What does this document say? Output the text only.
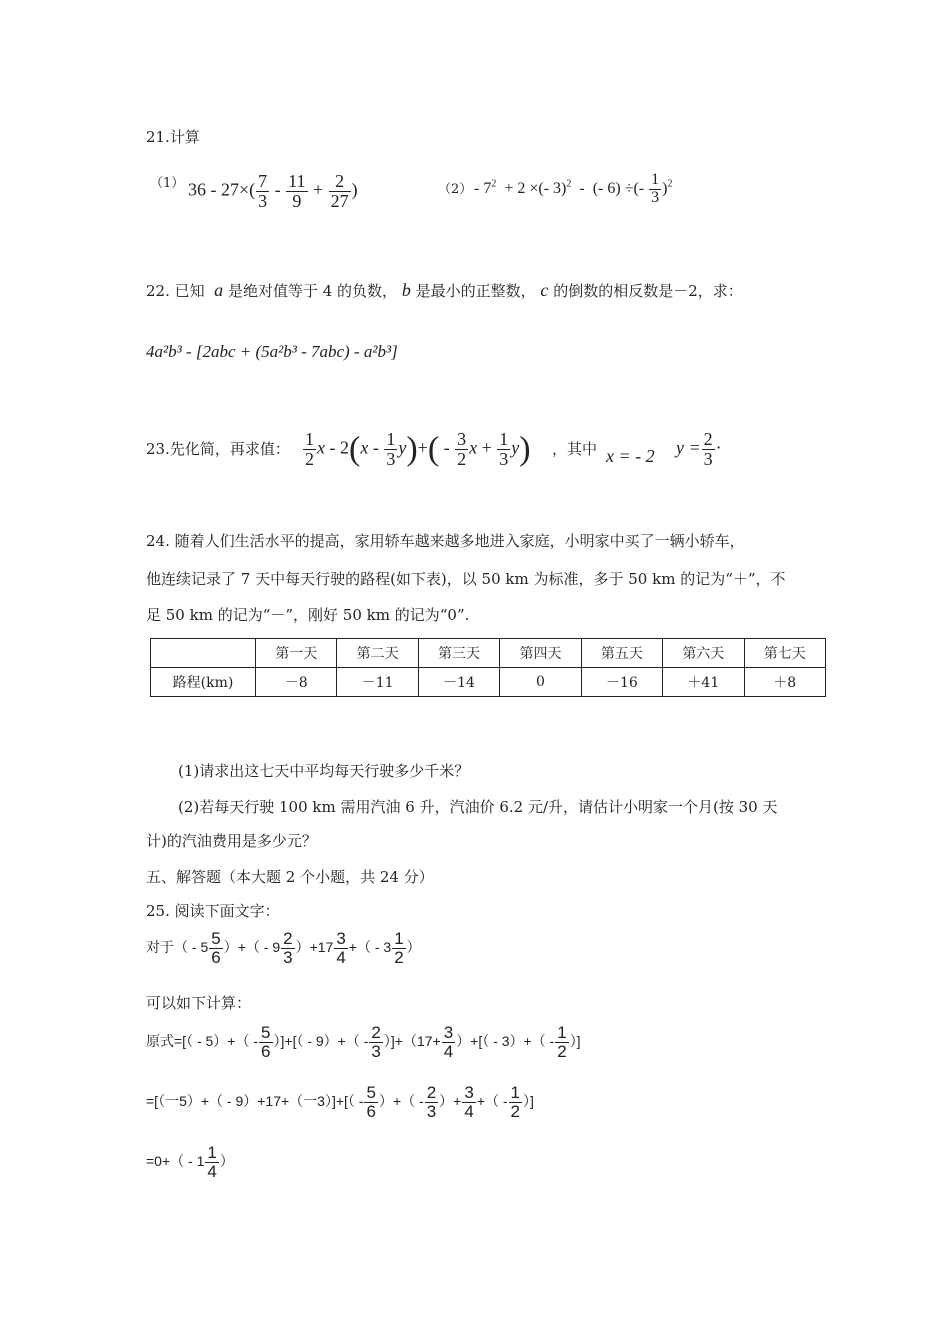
21.计算
（1） $36 - 27\times( \frac{7}{3} - \frac{11}{9} + \frac{2}{27}$ )	$(2) - 7^2 + 2$ ×(- 3)$^2$  -  (- 6) ÷(- $\frac{1}{3} )^2$
22. 已知 a 是绝对值等于 4 的负数， b 是最小的正整数， c 的倒数的相反数是－2，求：
4a²b³ - [2abc + (5a²b³ - 7abc) - a²b³]
23.先化简，再求值： $\frac{1}{2}$ $x - 2(x - \frac{1}{3} y)+( - \frac{3}{2}$ $x + \frac{1}{3} y$) ，其中 x = - 2 $y = \frac{2}{3}$ ·
24. 随着人们生活水平的提高，家用轿车越来越多地进入家庭，小明家中买了一辆小轿车，
他连续记录了 7 天中每天行驶的路程(如下表)，以 50 km 为标准，多于 50 km 的记为“＋”，不
足 50 km 的记为“－”，刚好 50 km 的记为“0”.
	第一天	第二天	第三天	第四天	第五天	第六天	第七天
路程(km)	－8	－11	－14	0	－16	＋41	＋8
(1)请求出这七天中平均每天行驶多少千米？
(2)若每天行驶 100 km 需用汽油 6 升，汽油价 6.2 元/升，请估计小明家一个月(按 30 天
计)的汽油费用是多少元？
五、解答题（本大题 2 个小题，共 24 分）
25. 阅读下面文字：
对于（ - $5 \frac{5}{6}$ ）+（ - $9 \frac{2}{3} )+17 \frac{3}{4}$ +（ - $3 \frac{1}{2}$ ）
可以如下计算：
原式=[（ - $5)+( - \frac{5}{6}$ ）]+[（ - $9)+( - \frac{2}{3} )]+(17+ \frac{3}{4}$ ）+[（ - $3)+( - \frac{1}{2}$ ）]
=[（一5）+（ - 9）+17+（一$3)]+[( - \frac{5}{6}$ ）+（ - $\frac{2}{3}$ ）+ $\frac{3}{4}$ +（ - $\frac{1}{2}$ ）]
$=0+( - 1 \frac{1}{4}$ ）
